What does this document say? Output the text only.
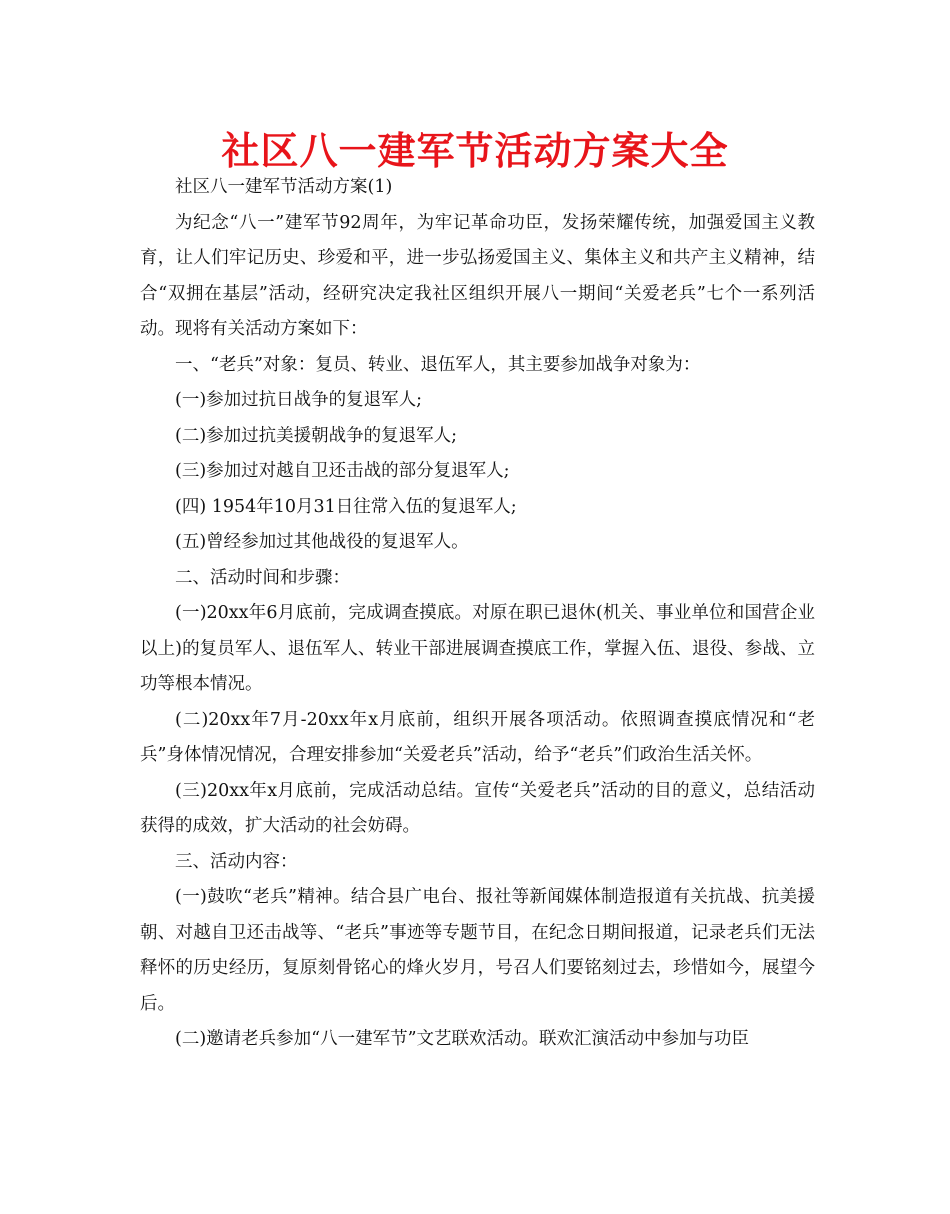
社区八一建军节活动方案大全

社区八一建军节活动方案(1)

为纪念“八一”建军节92周年，为牢记革命功臣，发扬荣耀传统，加强爱国主义教育，让人们牢记历史、珍爱和平，进一步弘扬爱国主义、集体主义和共产主义精神，结合“双拥在基层”活动，经研究决定我社区组织开展八一期间“关爱老兵”七个一系列活动。现将有关活动方案如下：

一、“老兵”对象：复员、转业、退伍军人，其主要参加战争对象为：

(一)参加过抗日战争的复退军人;

(二)参加过抗美援朝战争的复退军人;

(三)参加过对越自卫还击战的部分复退军人;

(四) 1954年10月31日往常入伍的复退军人;

(五)曾经参加过其他战役的复退军人。

二、活动时间和步骤：

(一)20xx年6月底前，完成调查摸底。对原在职已退休(机关、事业单位和国营企业以上)的复员军人、退伍军人、转业干部进展调查摸底工作，掌握入伍、退役、参战、立功等根本情况。

(二)20xx年7月-20xx年x月底前，组织开展各项活动。依照调查摸底情况和“老兵”身体情况情况，合理安排参加“关爱老兵”活动，给予“老兵”们政治生活关怀。

(三)20xx年x月底前，完成活动总结。宣传“关爱老兵”活动的目的意义，总结活动获得的成效，扩大活动的社会妨碍。

三、活动内容：

(一)鼓吹“老兵”精神。结合县广电台、报社等新闻媒体制造报道有关抗战、抗美援朝、对越自卫还击战等、“老兵”事迹等专题节目，在纪念日期间报道，记录老兵们无法释怀的历史经历，复原刻骨铭心的烽火岁月，号召人们要铭刻过去，珍惜如今，展望今后。

(二)邀请老兵参加“八一建军节”文艺联欢活动。联欢汇演活动中参加与功臣
